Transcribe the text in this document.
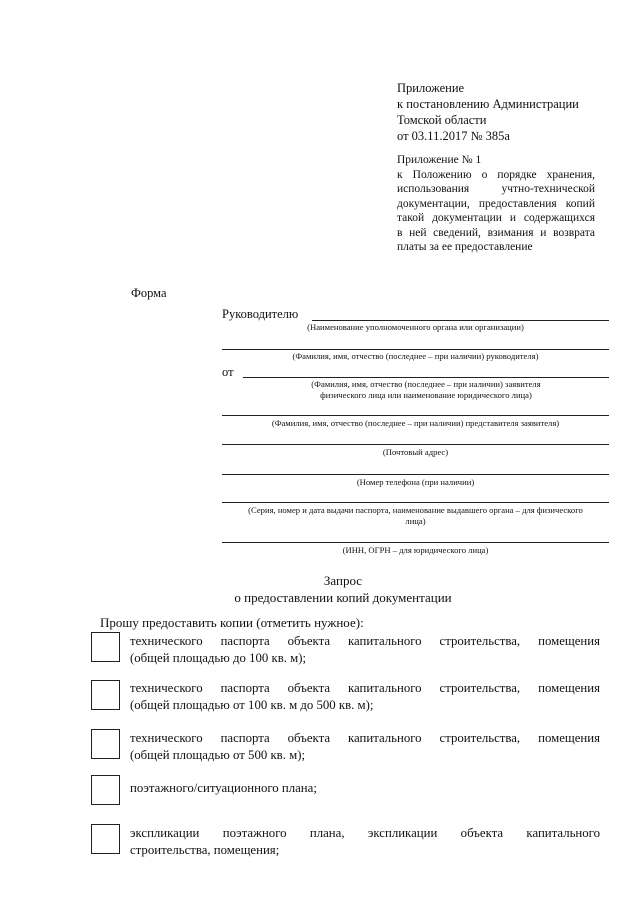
Приложение
к постановлению Администрации
Томской области
от 03.11.2017 № 385а
Приложение № 1
к Положению о порядке хранения,
использования учтно-технической
документации, предоставления копий
такой документации и содержащихся
в ней сведений, взимания и возврата
платы за ее предоставление
Форма
Руководителю
(Наименование уполномоченного органа или организации)
(Фамилия, имя, отчество (последнее – при наличии) руководителя)
от
(Фамилия, имя, отчество (последнее – при наличии) заявителя
физического лица или наименование юридического лица)
(Фамилия, имя, отчество (последнее – при наличии) представителя заявителя)
(Почтовый адрес)
(Номер телефона (при наличии)
(Серия, номер и дата выдачи паспорта, наименование выдавшего органа – для физического
лица)
(ИНН, ОГРН – для юридического лица)
Запрос
о предоставлении копий документации
Прошу предоставить копии (отметить нужное):
технического паспорта объекта капитального строительства, помещения
(общей площадью до 100 кв. м);
технического паспорта объекта капитального строительства, помещения
(общей площадью от 100 кв. м до 500 кв. м);
технического паспорта объекта капитального строительства, помещения
(общей площадью от 500 кв. м);
поэтажного/ситуационного плана;
экспликации поэтажного плана, экспликации объекта капитального
строительства, помещения;
